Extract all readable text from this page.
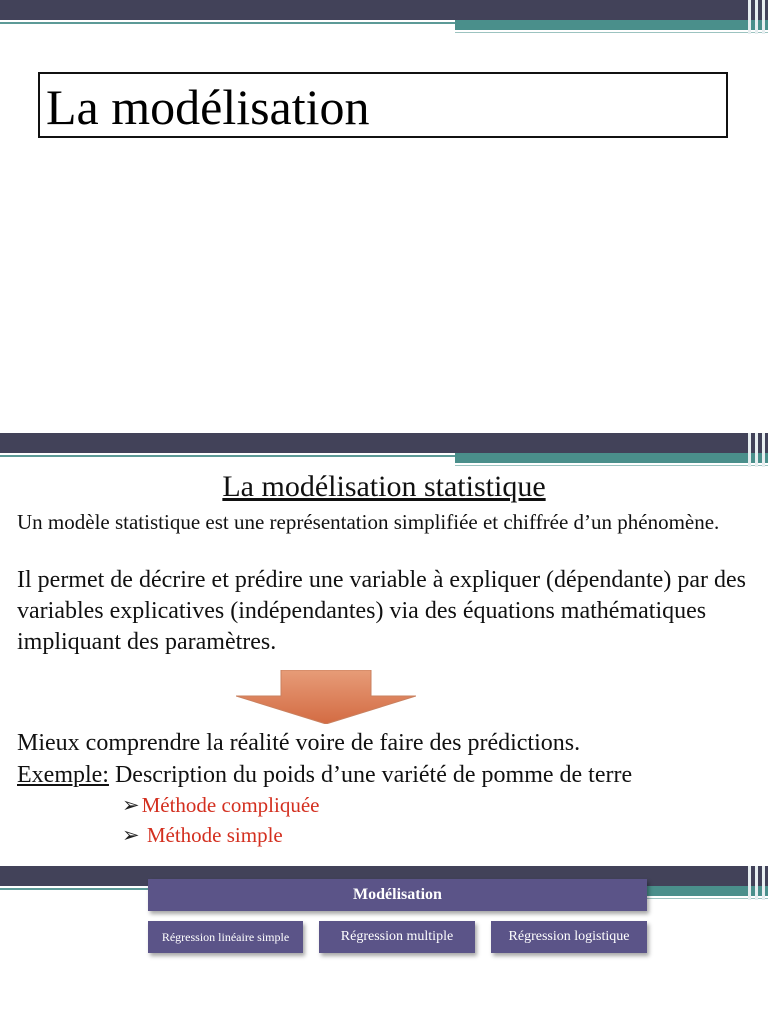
La modélisation
La modélisation statistique
Un modèle statistique est une représentation simplifiée et chiffrée d’un phénomène.
Il permet de décrire et prédire une variable à expliquer (dépendante) par des variables explicatives (indépendantes) via des équations mathématiques impliquant des paramètres.
Mieux comprendre la réalité voire de faire des prédictions.
Exemple: Description du poids d’une variété de pomme de terre
➢Méthode compliquée
➢ Méthode simple
Modélisation
Régression linéaire simple	Régression multiple	Régression logistique
